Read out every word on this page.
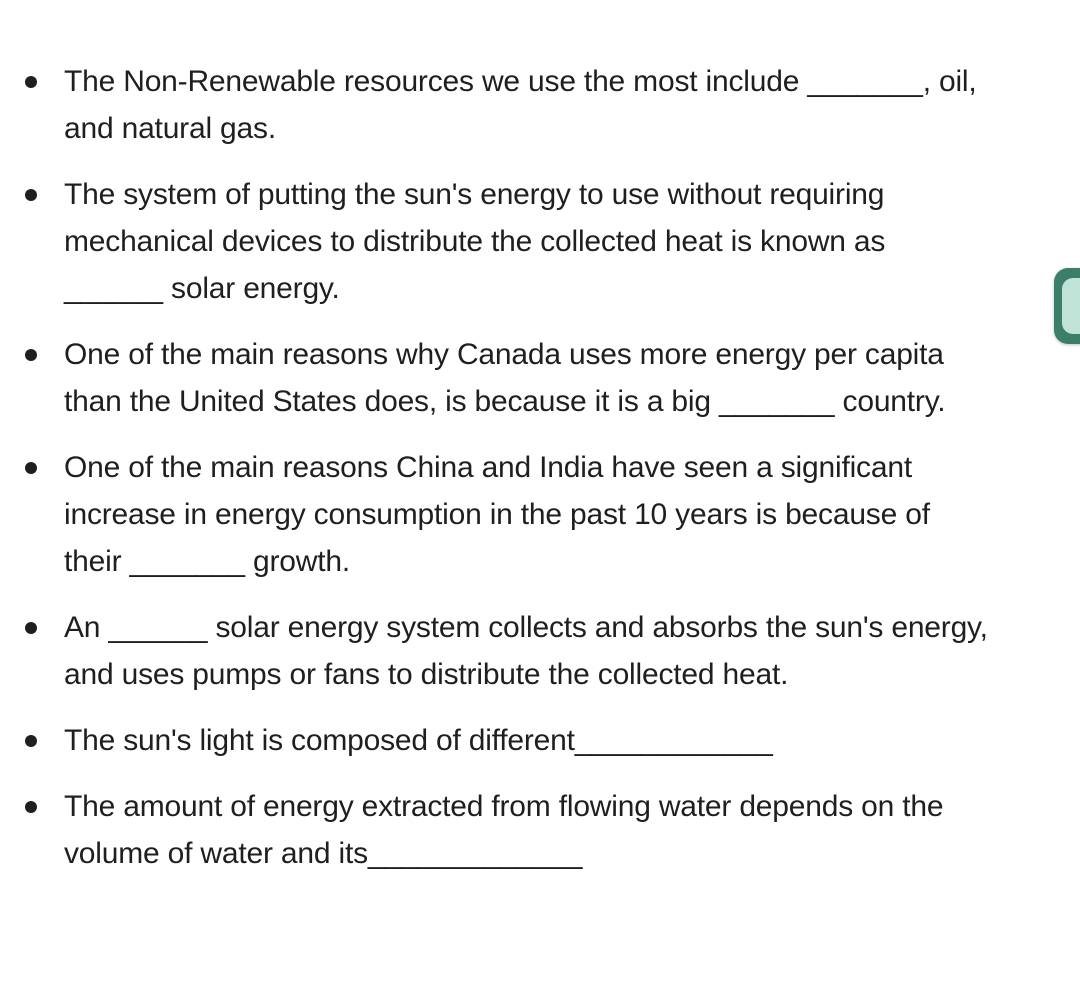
The Non-Renewable resources we use the most include _______, oil,
and natural gas.
The system of putting the sun's energy to use without requiring
mechanical devices to distribute the collected heat is known as
______ solar energy.
One of the main reasons why Canada uses more energy per capita
than the United States does, is because it is a big _______ country.
One of the main reasons China and India have seen a significant
increase in energy consumption in the past 10 years is because of
their _______ growth.
An ______ solar energy system collects and absorbs the sun's energy,
and uses pumps or fans to distribute the collected heat.
The sun's light is composed of different____________
The amount of energy extracted from flowing water depends on the
volume of water and its_____________
